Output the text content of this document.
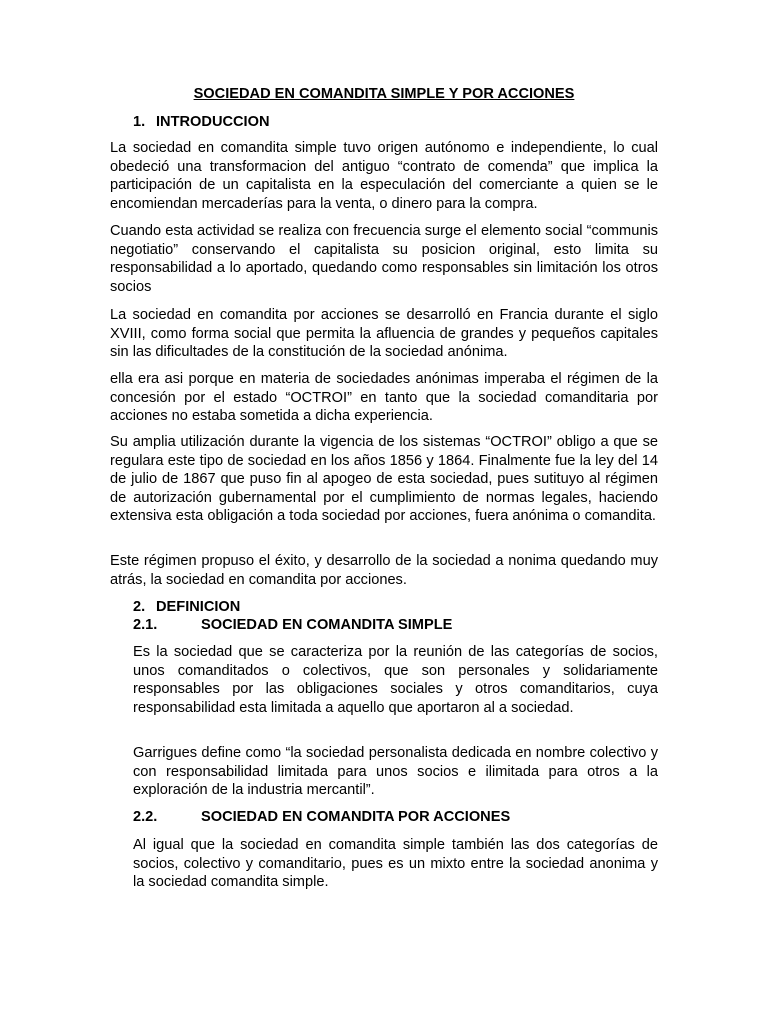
SOCIEDAD EN COMANDITA SIMPLE Y POR ACCIONES
1. INTRODUCCION

La sociedad en comandita simple tuvo origen autónomo e independiente, lo cual obedeció una transformacion del antiguo “contrato de comenda” que implica la participación de un capitalista en la especulación del comerciante a quien se le encomiendan mercaderías para la venta, o dinero para la compra.

Cuando esta actividad se realiza con frecuencia surge el elemento social “communis negotiatio” conservando el capitalista su posicion original, esto limita su responsabilidad a lo aportado, quedando como responsables sin limitación los otros socios

La sociedad en comandita por acciones se desarrolló en Francia durante el siglo XVIII, como forma social que permita la afluencia de grandes y pequeños capitales sin las dificultades de la constitución de la sociedad anónima.

ella era asi porque en materia de sociedades anónimas imperaba el régimen de la concesión por el estado “OCTROI” en tanto que la sociedad comanditaria por acciones no estaba sometida a dicha experiencia.

Su amplia utilización durante la vigencia de los sistemas “OCTROI” obligo a que se regulara este tipo de sociedad en los años 1856 y 1864. Finalmente fue la ley del 14 de julio de 1867 que puso fin al apogeo de esta sociedad, pues sutituyo al régimen de autorización gubernamental por el cumplimiento de normas legales, haciendo extensiva esta obligación a toda sociedad por acciones, fuera anónima o comandita.

Este régimen propuso el éxito, y desarrollo de la sociedad a nonima quedando muy atrás, la sociedad en comandita por acciones.

2. DEFINICION
2.1.	SOCIEDAD EN COMANDITA SIMPLE

Es la sociedad que se caracteriza por la reunión de las categorías de socios, unos comanditados o colectivos, que son personales y solidariamente responsables por las obligaciones sociales y otros comanditarios, cuya responsabilidad esta limitada a aquello que aportaron al a sociedad.

Garrigues define como “la sociedad personalista dedicada en nombre colectivo y con responsabilidad limitada para unos socios e ilimitada para otros a la exploración de la industria mercantil”.

2.2.	SOCIEDAD EN COMANDITA POR ACCIONES

Al igual que la sociedad en comandita simple también las dos categorías de socios, colectivo y comanditario, pues es un mixto entre la sociedad anonima y la sociedad comandita simple.
